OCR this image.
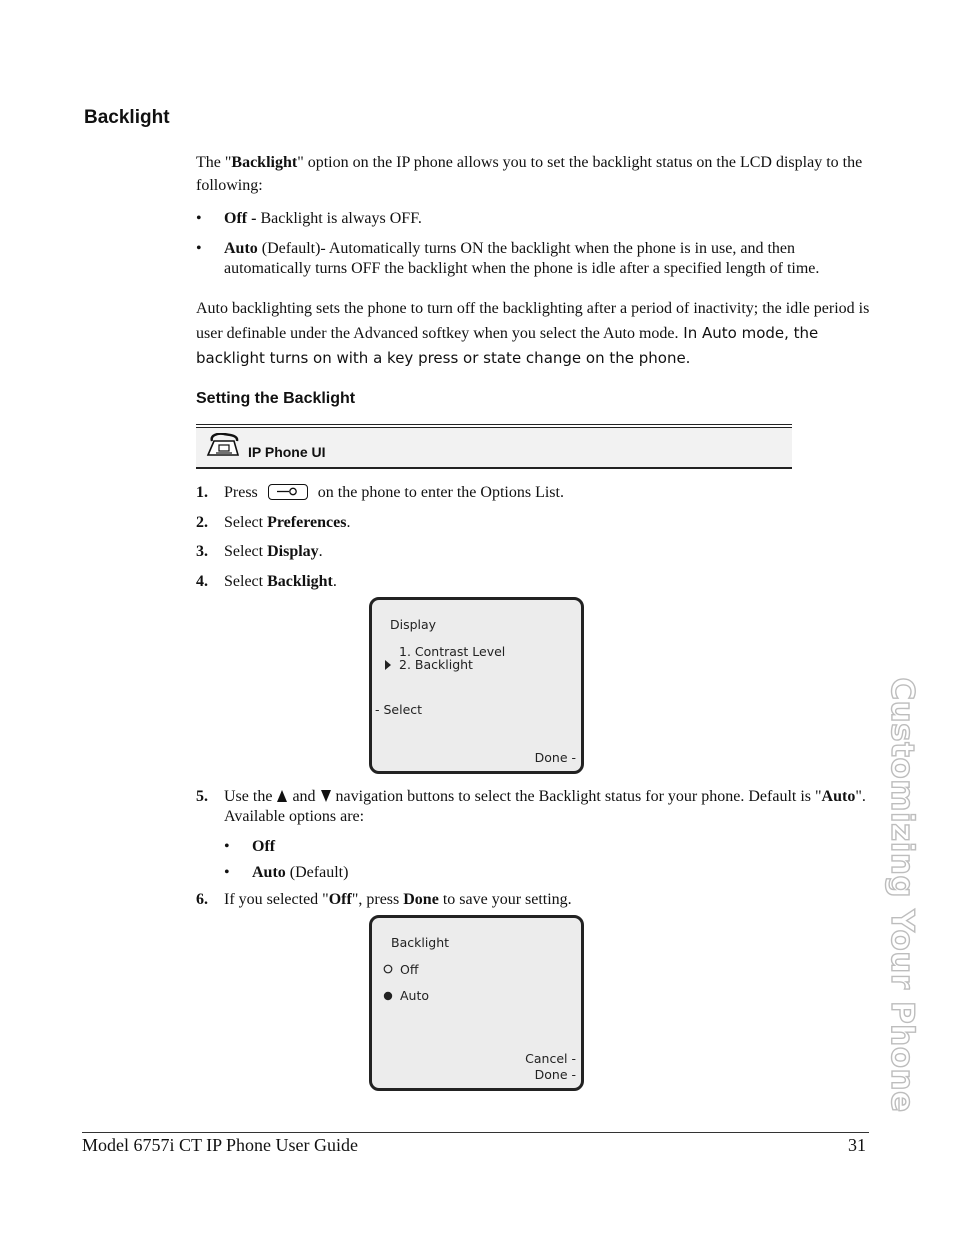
Backlight
The "Backlight" option on the IP phone allows you to set the backlight status on the LCD display to the following:
•	Off - Backlight is always OFF.
•	Auto (Default)- Automatically turns ON the backlight when the phone is in use, and then automatically turns OFF the backlight when the phone is idle after a specified length of time.
Auto backlighting sets the phone to turn off the backlighting after a period of inactivity; the idle period is user definable under the Advanced softkey when you select the Auto mode. In Auto mode, the backlight turns on with a key press or state change on the phone.
Setting the Backlight
IP Phone UI
1. Press	on the phone to enter the Options List.
2. Select Preferences.
3. Select Display.
4. Select Backlight.
Display
1. Contrast Level
2. Backlight
- Select
Done -
5. Use the and navigation buttons to select the Backlight status for your phone. Default is "Auto". Available options are:
•	Off
•	Auto (Default)
6. If you selected "Off", press Done to save your setting.
Backlight
Off
Auto
Cancel -
Done -	Customizing Your Phone
Model 6757i CT IP Phone User Guide	31
